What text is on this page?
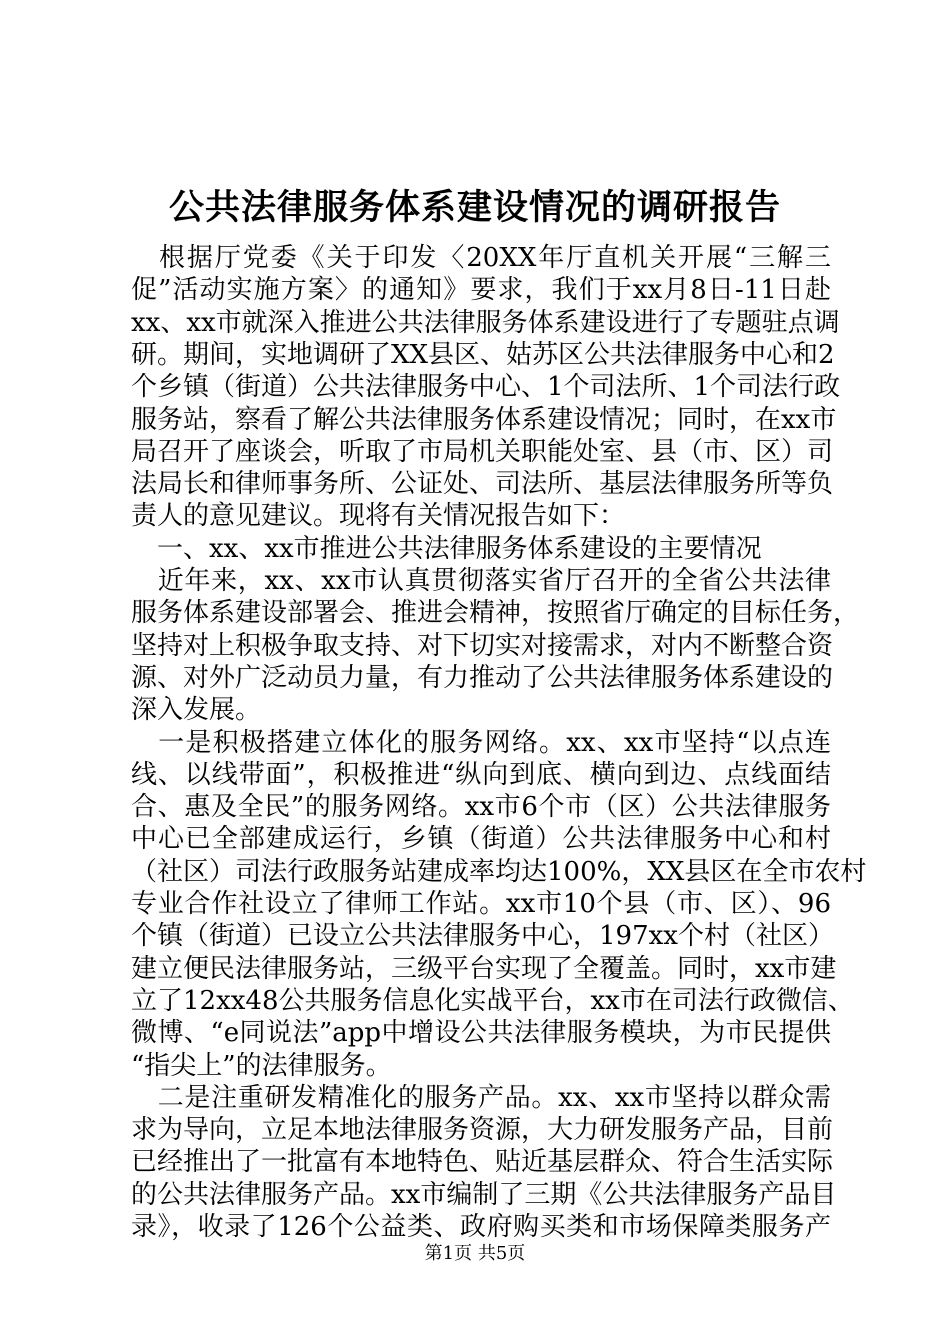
公共法律服务体系建设情况的调研报告
　根据厅党委《关于印发〈20XX年厅直机关开展“三解三
促”活动实施方案〉的通知》要求，我们于xx月8日-11日赴
xx、xx市就深入推进公共法律服务体系建设进行了专题驻点调
研。期间，实地调研了XX县区、姑苏区公共法律服务中心和2
个乡镇（街道）公共法律服务中心、1个司法所、1个司法行政
服务站，察看了解公共法律服务体系建设情况；同时，在xx市
局召开了座谈会，听取了市局机关职能处室、县（市、区）司
法局长和律师事务所、公证处、司法所、基层法律服务所等负
责人的意见建议。现将有关情况报告如下：
　一、xx、xx市推进公共法律服务体系建设的主要情况
　近年来，xx、xx市认真贯彻落实省厅召开的全省公共法律
服务体系建设部署会、推进会精神，按照省厅确定的目标任务，
坚持对上积极争取支持、对下切实对接需求，对内不断整合资
源、对外广泛动员力量，有力推动了公共法律服务体系建设的
深入发展。
　一是积极搭建立体化的服务网络。xx、xx市坚持“以点连
线、以线带面”，积极推进“纵向到底、横向到边、点线面结
合、惠及全民”的服务网络。xx市6个市（区）公共法律服务
中心已全部建成运行，乡镇（街道）公共法律服务中心和村
（社区）司法行政服务站建成率均达100%，XX县区在全市农村
专业合作社设立了律师工作站。xx市10个县（市、区）、96
个镇（街道）已设立公共法律服务中心，197xx个村（社区）
建立便民法律服务站，三级平台实现了全覆盖。同时，xx市建
立了12xx48公共服务信息化实战平台，xx市在司法行政微信、
微博、“e同说法”app中增设公共法律服务模块，为市民提供
“指尖上”的法律服务。
　二是注重研发精准化的服务产品。xx、xx市坚持以群众需
求为导向，立足本地法律服务资源，大力研发服务产品，目前
已经推出了一批富有本地特色、贴近基层群众、符合生活实际
的公共法律服务产品。xx市编制了三期《公共法律服务产品目
录》，收录了126个公益类、政府购买类和市场保障类服务产
第1页 共5页
